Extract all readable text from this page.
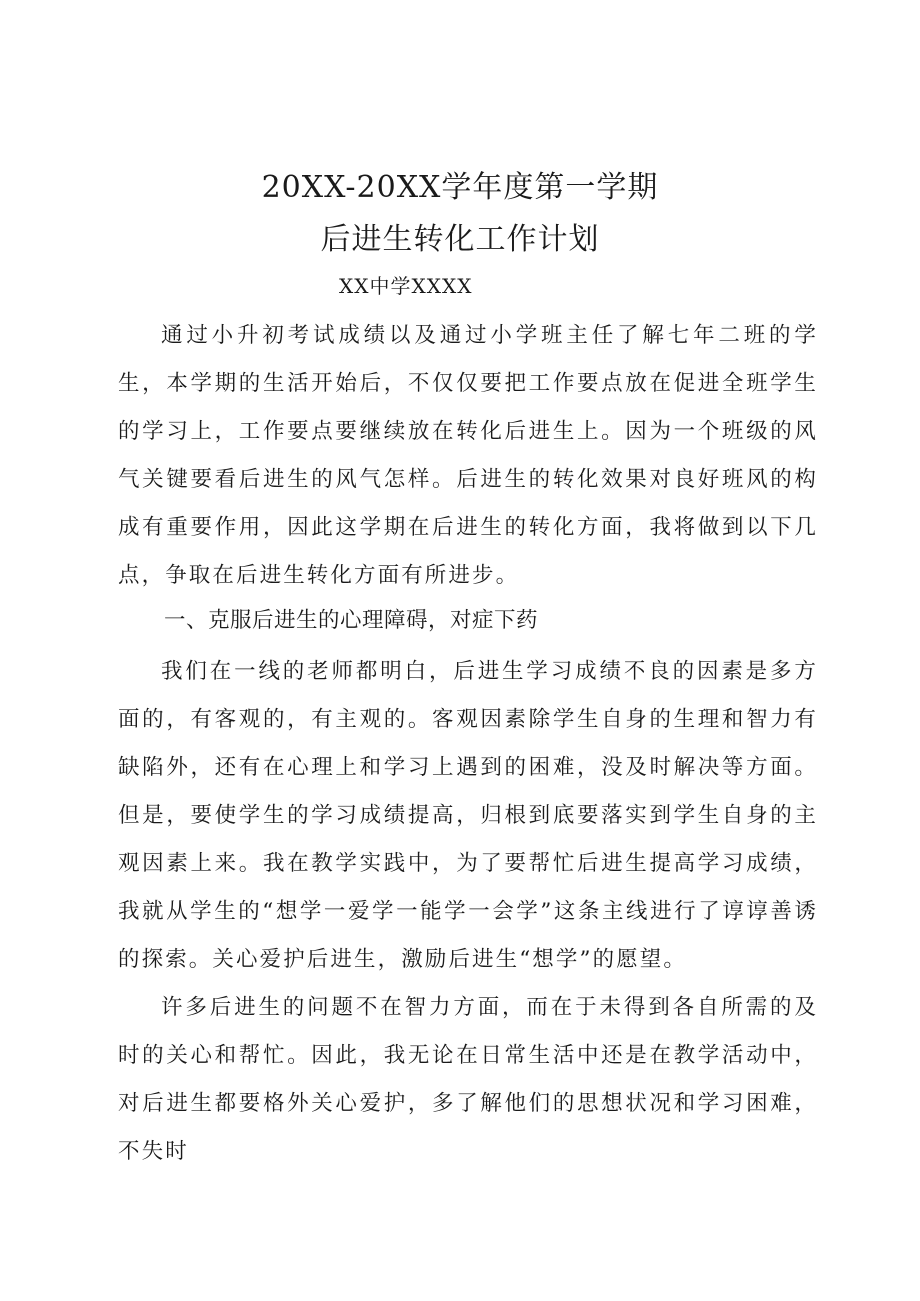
20XX-20XX学年度第一学期
后进生转化工作计划

XX中学XXXX

通过小升初考试成绩以及通过小学班主任了解七年二班的学生，本学期的生活开始后，不仅仅要把工作要点放在促进全班学生的学习上，工作要点要继续放在转化后进生上。因为一个班级的风气关键要看后进生的风气怎样。后进生的转化效果对良好班风的构成有重要作用，因此这学期在后进生的转化方面，我将做到以下几点，争取在后进生转化方面有所进步。

一、克服后进生的心理障碍，对症下药

我们在一线的老师都明白，后进生学习成绩不良的因素是多方面的，有客观的，有主观的。客观因素除学生自身的生理和智力有缺陷外，还有在心理上和学习上遇到的困难，没及时解决等方面。但是，要使学生的学习成绩提高，归根到底要落实到学生自身的主观因素上来。我在教学实践中，为了要帮忙后进生提高学习成绩，我就从学生的“想学一爱学一能学一会学”这条主线进行了谆谆善诱的探索。关心爱护后进生，激励后进生“想学”的愿望。

许多后进生的问题不在智力方面，而在于未得到各自所需的及时的关心和帮忙。因此，我无论在日常生活中还是在教学活动中，对后进生都要格外关心爱护，多了解他们的思想状况和学习困难，不失时
